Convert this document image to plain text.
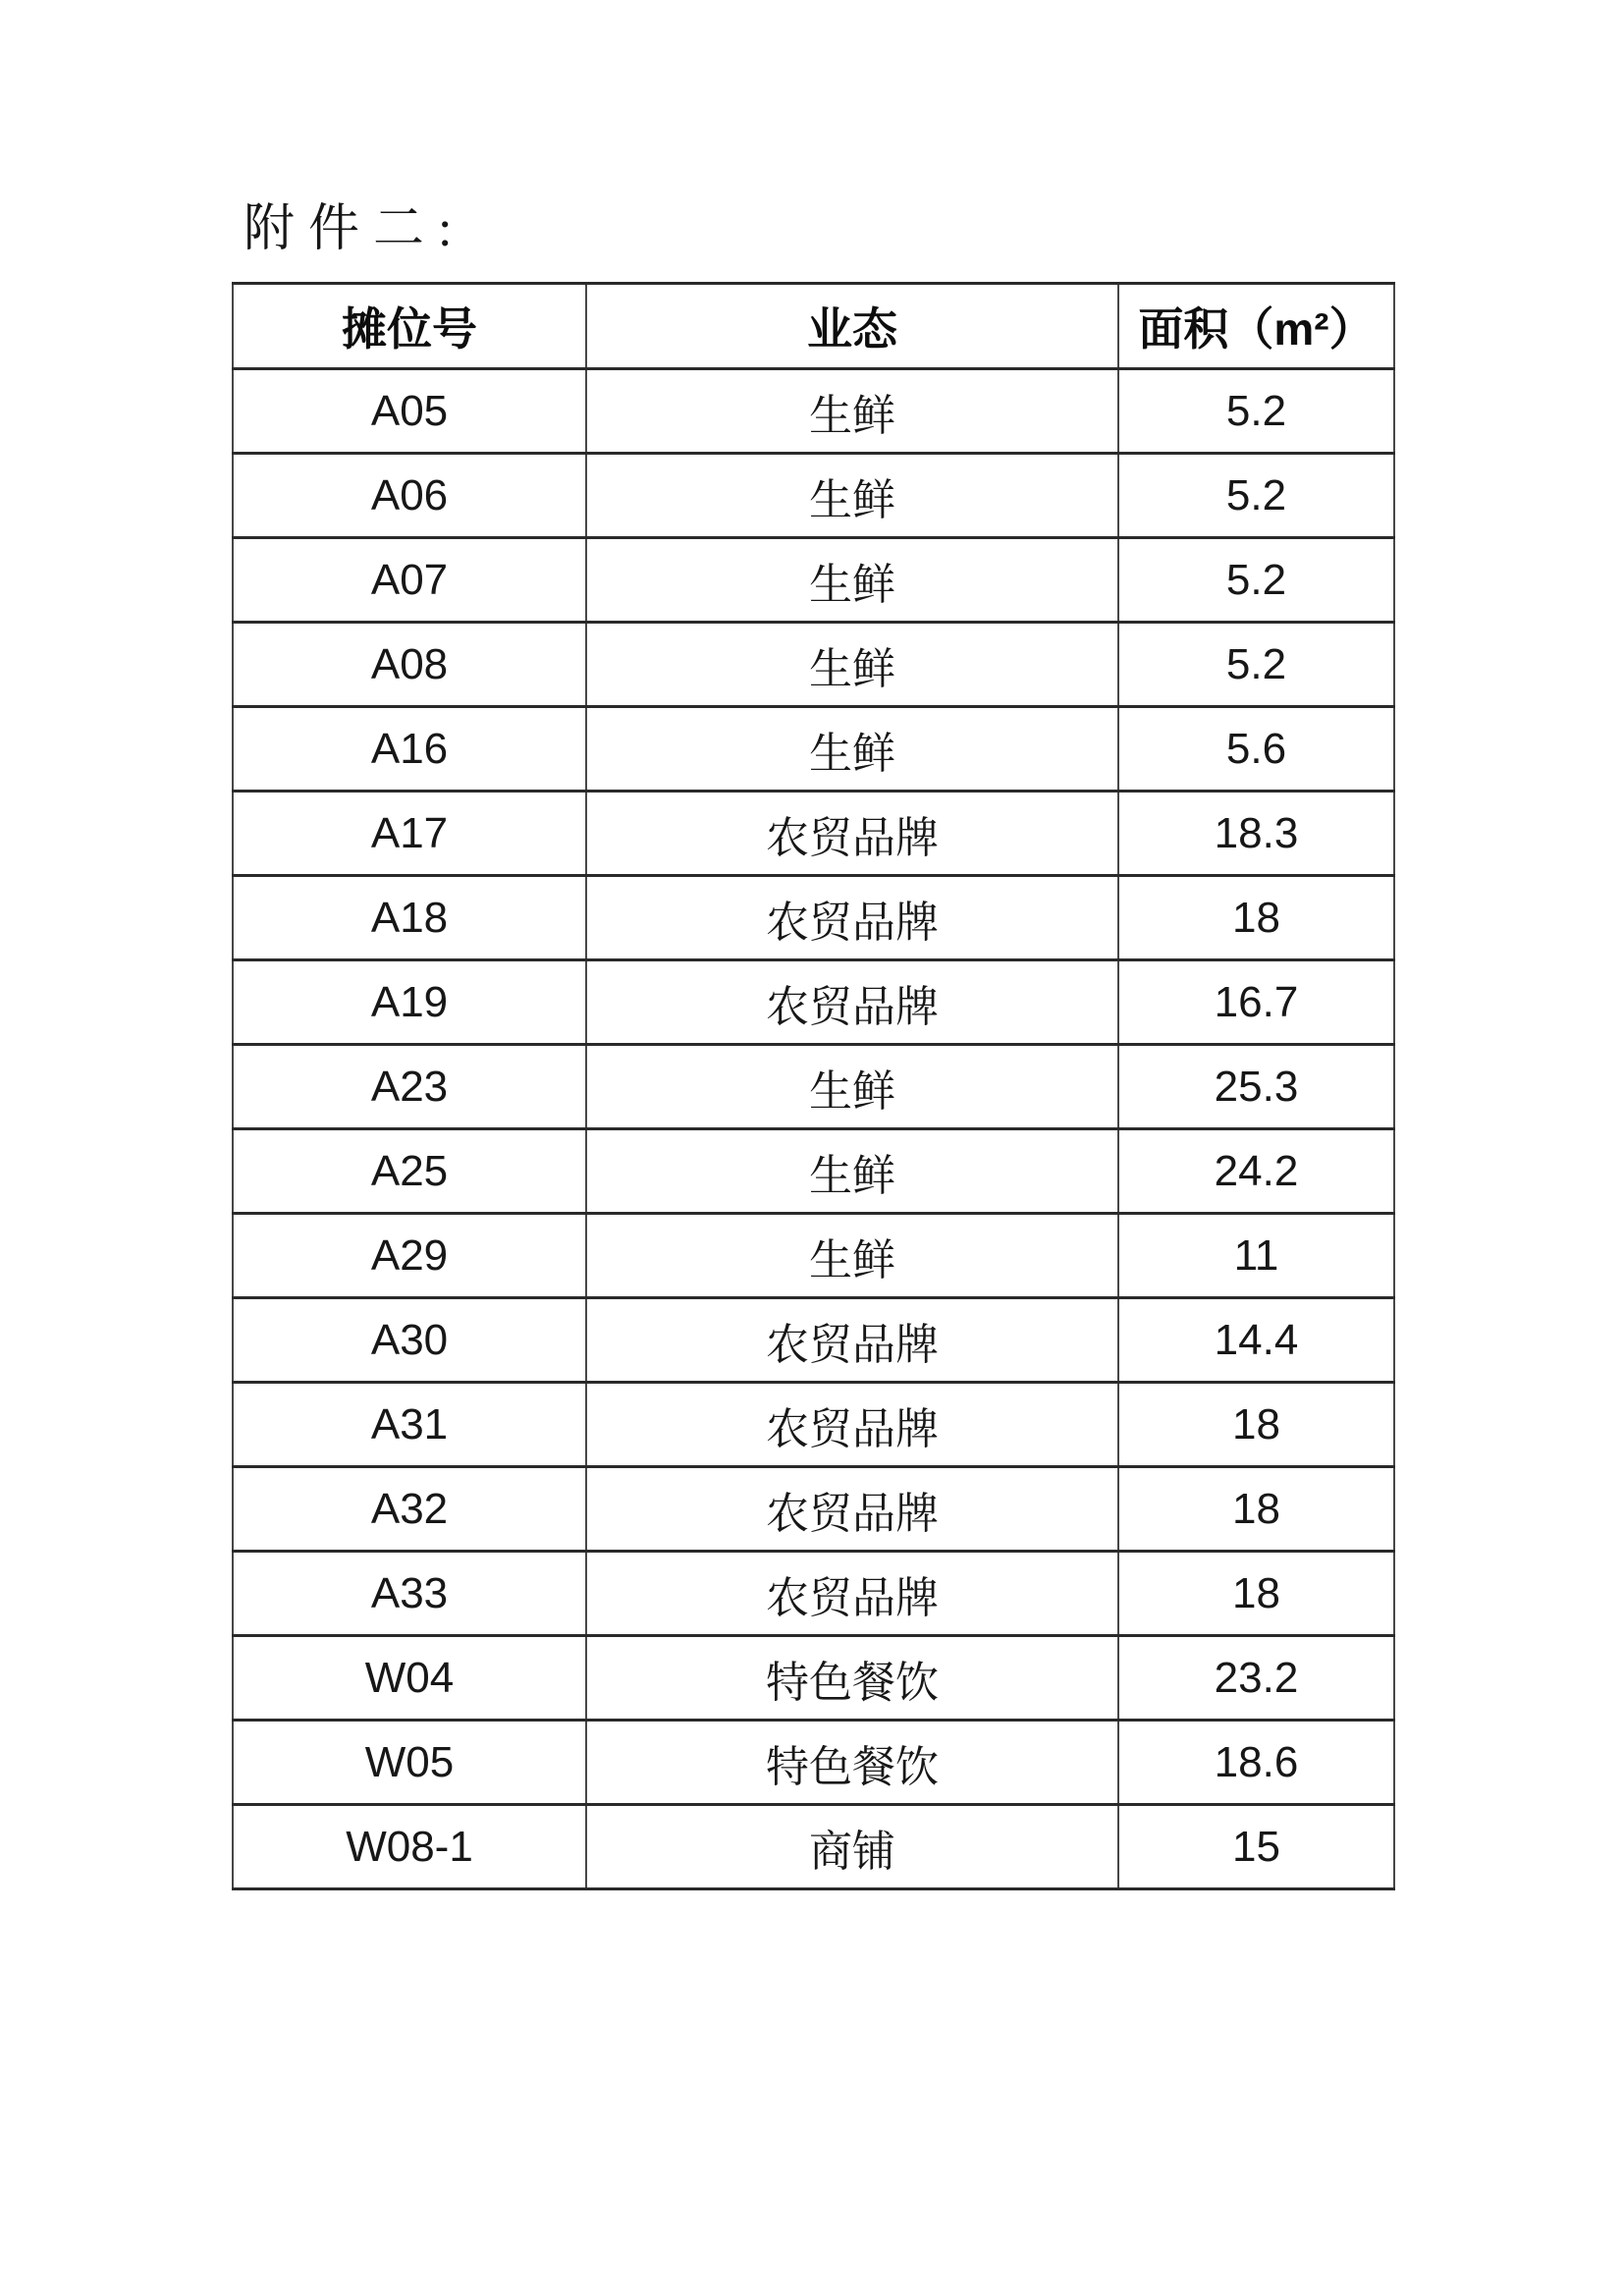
附件二:
摊位号	业态	面积（m²）
A05	生鲜	5.2
A06	生鲜	5.2
A07	生鲜	5.2
A08	生鲜	5.2
A16	生鲜	5.6
A17	农贸品牌	18.3
A18	农贸品牌	18
A19	农贸品牌	16.7
A23	生鲜	25.3
A25	生鲜	24.2
A29	生鲜	11
A30	农贸品牌	14.4
A31	农贸品牌	18
A32	农贸品牌	18
A33	农贸品牌	18
W04	特色餐饮	23.2
W05	特色餐饮	18.6
W08-1	商铺	15
